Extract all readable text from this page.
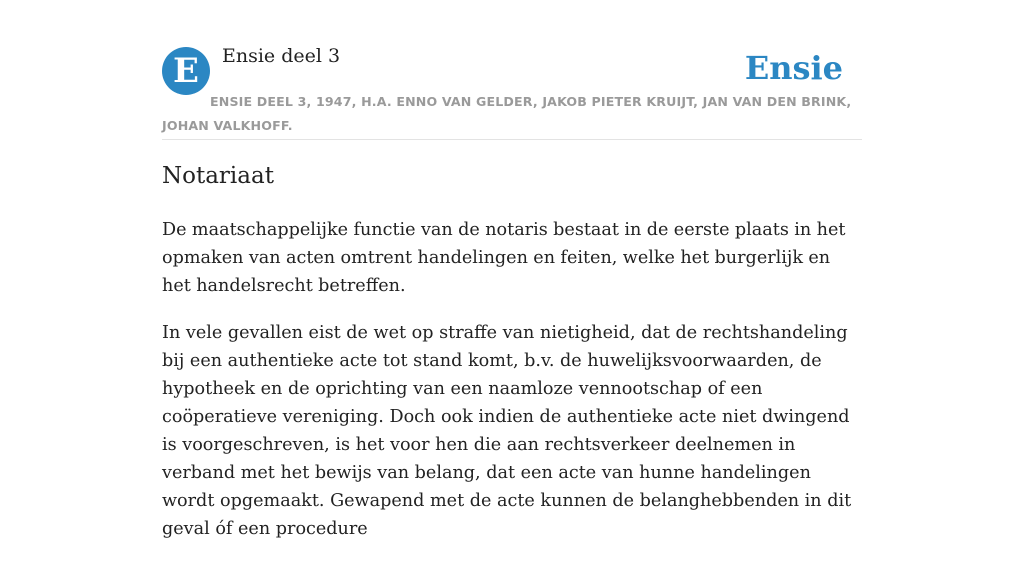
E	Ensie deel 3	Ensie
ENSIE DEEL 3, 1947, H.A. ENNO VAN GELDER, JAKOB PIETER KRUIJT, JAN VAN DEN BRINK, JOHAN VALKHOFF.
Notariaat

De maatschappelijke functie van de notaris bestaat in de eerste plaats in het opmaken van acten omtrent handelingen en feiten, welke het burgerlijk en het handelsrecht betreffen.

In vele gevallen eist de wet op straffe van nietigheid, dat de rechtshandeling bij een authentieke acte tot stand komt, b.v. de huwelijksvoorwaarden, de hypotheek en de oprichting van een naamloze vennootschap of een coöperatieve vereniging. Doch ook indien de authentieke acte niet dwingend is voorgeschreven, is het voor hen die aan rechtsverkeer deelnemen in verband met het bewijs van belang, dat een acte van hunne handelingen wordt opgemaakt. Gewapend met de acte kunnen de belanghebbenden in dit geval óf een procedure
